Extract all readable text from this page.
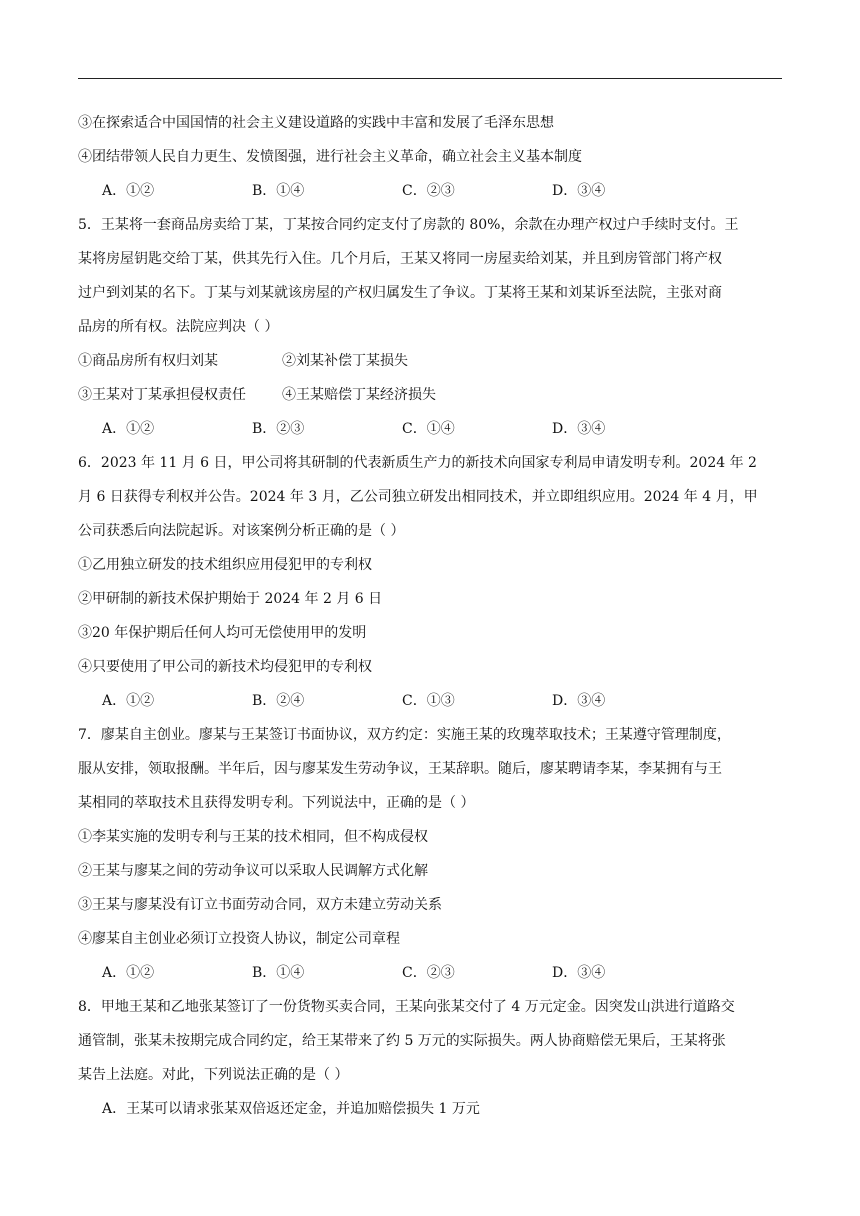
③在探索适合中国国情的社会主义建设道路的实践中丰富和发展了毛泽东思想
④团结带领人民自力更生、发愤图强，进行社会主义革命，确立社会主义基本制度
A．①②	B．①④	C．②③	D．③④
5．王某将一套商品房卖给丁某，丁某按合同约定支付了房款的 80%，余款在办理产权过户手续时支付。王
某将房屋钥匙交给丁某，供其先行入住。几个月后，王某又将同一房屋卖给刘某，并且到房管部门将产权
过户到刘某的名下。丁某与刘某就该房屋的产权归属发生了争议。丁某将王某和刘某诉至法院，主张对商
品房的所有权。法院应判决（ ）
①商品房所有权归刘某	②刘某补偿丁某损失
③王某对丁某承担侵权责任	④王某赔偿丁某经济损失
A．①②	B．②③	C．①④	D．③④
6．2023 年 11 月 6 日，甲公司将其研制的代表新质生产力的新技术向国家专利局申请发明专利。2024 年 2
月 6 日获得专利权并公告。2024 年 3 月，乙公司独立研发出相同技术，并立即组织应用。2024 年 4 月，甲
公司获悉后向法院起诉。对该案例分析正确的是（ ）
①乙用独立研发的技术组织应用侵犯甲的专利权
②甲研制的新技术保护期始于 2024 年 2 月 6 日
③20 年保护期后任何人均可无偿使用甲的发明
④只要使用了甲公司的新技术均侵犯甲的专利权
A．①②	B．②④	C．①③	D．③④
7．廖某自主创业。廖某与王某签订书面协议，双方约定：实施王某的玫瑰萃取技术；王某遵守管理制度，
服从安排，领取报酬。半年后，因与廖某发生劳动争议，王某辞职。随后，廖某聘请李某，李某拥有与王
某相同的萃取技术且获得发明专利。下列说法中，正确的是（ ）
①李某实施的发明专利与王某的技术相同，但不构成侵权
②王某与廖某之间的劳动争议可以采取人民调解方式化解
③王某与廖某没有订立书面劳动合同，双方未建立劳动关系
④廖某自主创业必须订立投资人协议，制定公司章程
A．①②	B．①④	C．②③	D．③④
8．甲地王某和乙地张某签订了一份货物买卖合同，王某向张某交付了 4 万元定金。因突发山洪进行道路交
通管制，张某未按期完成合同约定，给王某带来了约 5 万元的实际损失。两人协商赔偿无果后，王某将张
某告上法庭。对此，下列说法正确的是（ ）
A．王某可以请求张某双倍返还定金，并追加赔偿损失 1 万元
